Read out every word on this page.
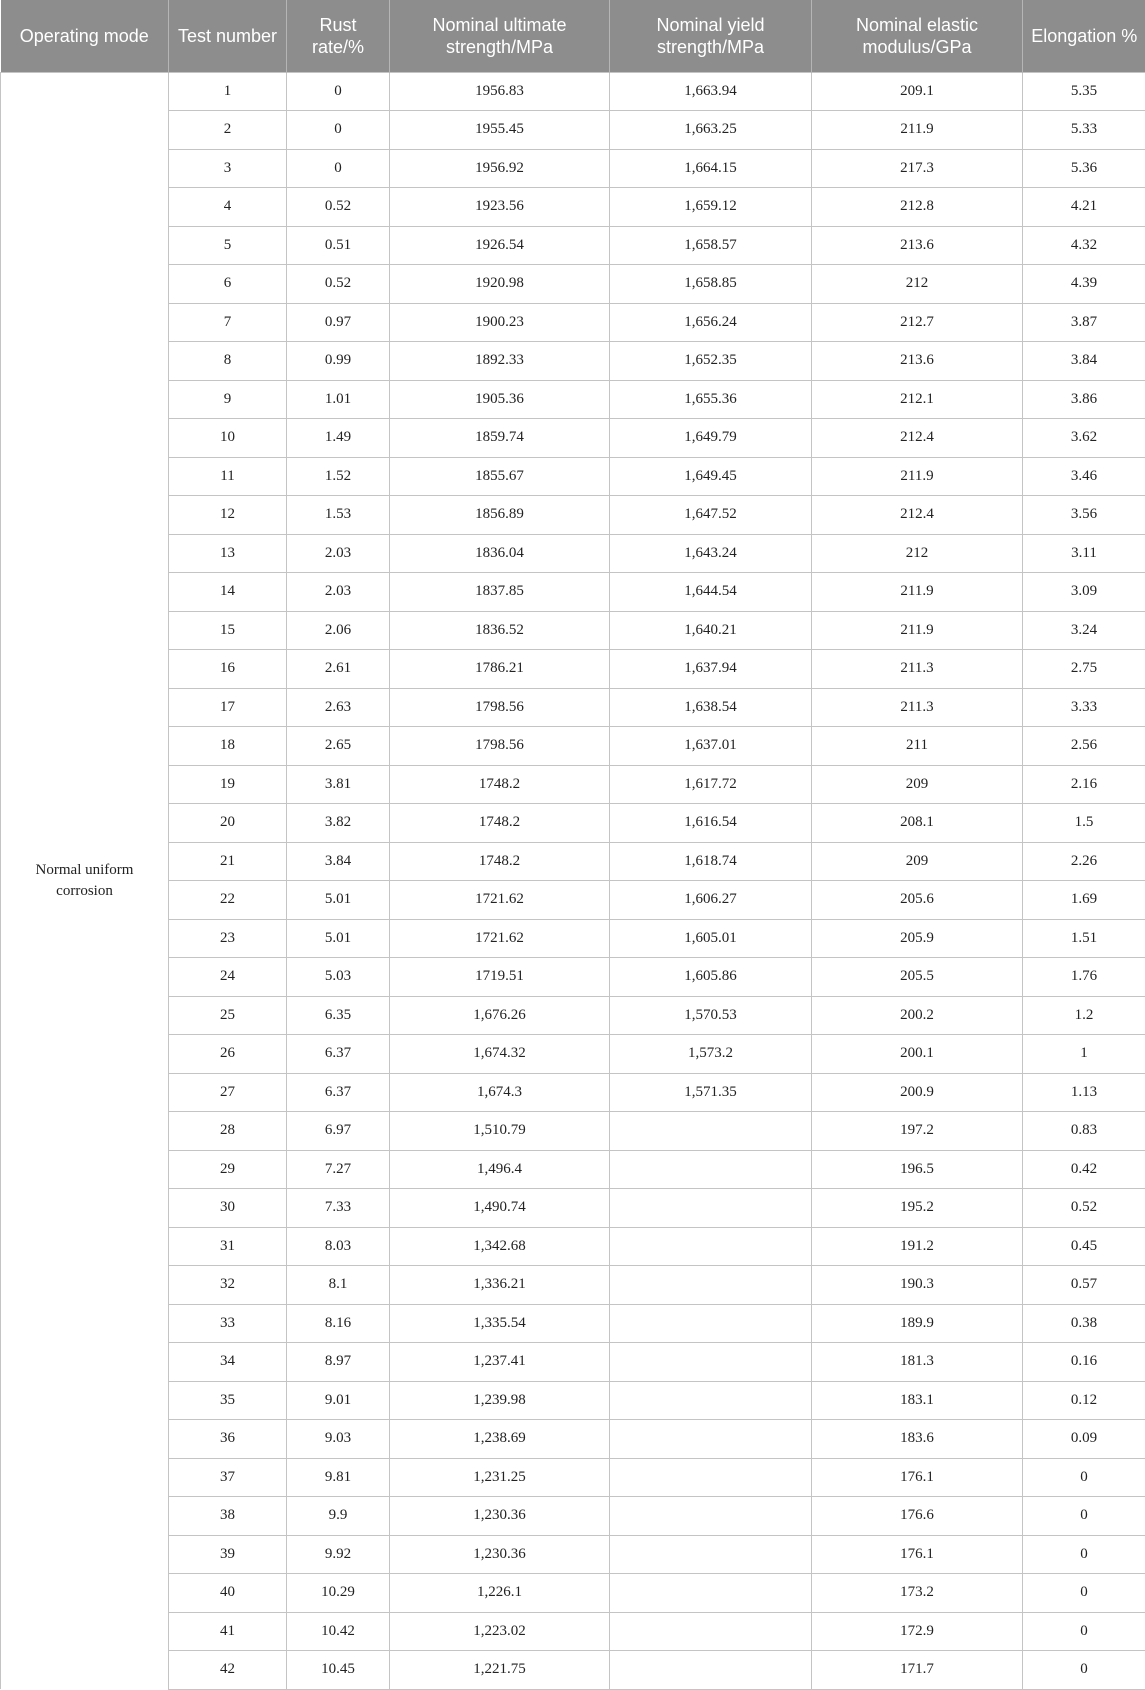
Operating mode	Test number	Rust rate/%	Nominal ultimate strength/MPa	Nominal yield strength/MPa	Nominal elastic modulus/GPa	Elongation %
Normal uniform corrosion	1	0	1956.83	1,663.94	209.1	5.35
	2	0	1955.45	1,663.25	211.9	5.33
	3	0	1956.92	1,664.15	217.3	5.36
	4	0.52	1923.56	1,659.12	212.8	4.21
	5	0.51	1926.54	1,658.57	213.6	4.32
	6	0.52	1920.98	1,658.85	212	4.39
	7	0.97	1900.23	1,656.24	212.7	3.87
	8	0.99	1892.33	1,652.35	213.6	3.84
	9	1.01	1905.36	1,655.36	212.1	3.86
	10	1.49	1859.74	1,649.79	212.4	3.62
	11	1.52	1855.67	1,649.45	211.9	3.46
	12	1.53	1856.89	1,647.52	212.4	3.56
	13	2.03	1836.04	1,643.24	212	3.11
	14	2.03	1837.85	1,644.54	211.9	3.09
	15	2.06	1836.52	1,640.21	211.9	3.24
	16	2.61	1786.21	1,637.94	211.3	2.75
	17	2.63	1798.56	1,638.54	211.3	3.33
	18	2.65	1798.56	1,637.01	211	2.56
	19	3.81	1748.2	1,617.72	209	2.16
	20	3.82	1748.2	1,616.54	208.1	1.5
	21	3.84	1748.2	1,618.74	209	2.26
	22	5.01	1721.62	1,606.27	205.6	1.69
	23	5.01	1721.62	1,605.01	205.9	1.51
	24	5.03	1719.51	1,605.86	205.5	1.76
	25	6.35	1,676.26	1,570.53	200.2	1.2
	26	6.37	1,674.32	1,573.2	200.1	1
	27	6.37	1,674.3	1,571.35	200.9	1.13
	28	6.97	1,510.79		197.2	0.83
	29	7.27	1,496.4		196.5	0.42
	30	7.33	1,490.74		195.2	0.52
	31	8.03	1,342.68		191.2	0.45
	32	8.1	1,336.21		190.3	0.57
	33	8.16	1,335.54		189.9	0.38
	34	8.97	1,237.41		181.3	0.16
	35	9.01	1,239.98		183.1	0.12
	36	9.03	1,238.69		183.6	0.09
	37	9.81	1,231.25		176.1	0
	38	9.9	1,230.36		176.6	0
	39	9.92	1,230.36		176.1	0
	40	10.29	1,226.1		173.2	0
	41	10.42	1,223.02		172.9	0
	42	10.45	1,221.75		171.7	0
